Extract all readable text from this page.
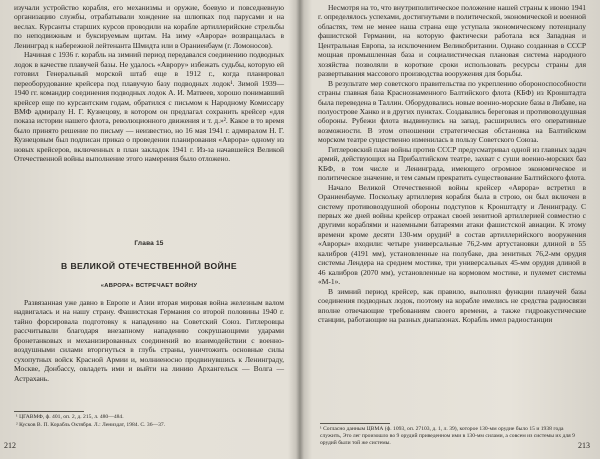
изучали устройство корабля, его механизмы и оружие, боевую и повседневную организацию службы, отрабатывали хождение на шлюпках под парусами и на веслах. Курсанты старших курсов проводили на корабле артиллерийские стрельбы по неподвижным и буксируемым щитам. На зиму «Аврора» возвращалась в Ленинград к набережной лейтенанта Шмидта или в Ораниенбаум (г. Ломоносов).

Начиная с 1936 г. корабль на зимний период передавался соединению подводных лодок в качестве плавучей базы. Не удалось «Аврору» избежать судьбы, которую ей готовил Генеральный морской штаб еще в 1912 г., когда планировал переоборудование крейсера под плавучую базу подводных лодок¹. Зимой 1939—1940 гг. командир соединения подводных лодок А. И. Матвеев, хорошо понимавший крейсер еще по курсантским годам, обратился с письмом к Народному Комиссару ВМФ адмиралу Н. Г. Кузнецову, в котором он предлагал сохранить крейсер «для показа истории нашего флота, революционного движения и т. д.»². Какое в то время было принято решение по письму — неизвестно, но 16 мая 1941 г. адмиралом Н. Г. Кузнецовым был подписан приказ о проведении планирования «Аврора» одному из новых крейсеров, включенных в план закладок 1941 г. Из-за начавшейся Великой Отечественной войны выполнение этого намерения было отложено.

Глава 15
В ВЕЛИКОЙ ОТЕЧЕСТВЕННОЙ ВОЙНЕ
«АВРОРА» ВСТРЕЧАЕТ ВОЙНУ

Развязанная уже давно в Европе и Азии вторая мировая война железным валом надвигалась и на нашу страну. Фашистская Германия со второй половины 1940 г. тайно форсировала подготовку к нападению на Советский Союз. Гитлеровцы рассчитывали благодаря внезапному нападению сокрушающими ударами бронетанковых и механизированных соединений во взаимодействии с военно-воздушными силами вторгнуться в глубь страны, уничтожить основные силы сухопутных войск Красной Армии и, молниеносно продвинувшись к Ленинграду, Москве, Донбассу, овладеть ими и выйти на линию Архангельск — Волга — Астрахань.

¹ ЦГАВМФ, ф. 401, оп. 2, д. 215, л. 480—484.
² Кусков В. П. Корабль Октября. Л.: Лениздат, 1984. С. 36—37.
212

Несмотря на то, что внутриполитическое положение нашей страны к июню 1941 г. определялось успехами, достигнутыми в политической, экономической и военной областях, тем не менее наша страна еще уступала экономическому потенциалу фашистской Германии, на которую фактически работала вся Западная и Центральная Европа, за исключением Великобритании. Однако созданная в СССР мощная промышленная база и социалистическая плановая система народного хозяйства позволяли в короткие сроки использовать ресурсы страны для развертывания массового производства вооружения для борьбы.

В результате мер советского правительства по укреплению обороноспособности страны главная база Краснознаменного Балтийского флота (КБФ) из Кронштадта была переведена в Таллин. Оборудовались новые военно-морские базы в Либаве, на полуострове Ханко и в других пунктах. Создавались береговая и противовоздушная обороны. Рубежи флота выдвинулись на запад, расширились его оперативные возможности. В этом отношении стратегическая обстановка на Балтийском морском театре существенно изменилась в пользу Советского Союза.

Гитлеровский план войны против СССР предусматривал одной из главных задач армий, действующих на Прибалтийском театре, захват с суши военно-морских баз КБФ, в том числе и Ленинграда, имеющего огромное экономическое и политическое значение, и тем самым прекратить существование Балтийского флота.

Начало Великой Отечественной войны крейсер «Аврора» встретил в Ораниенбауме. Поскольку артиллерия корабля была в строю, он был включен в систему противовоздушной обороны подступов к Кронштадту и Ленинграду. С первых же дней войны крейсер отражал своей зенитной артиллерией совместно с другими кораблями и наземными батареями атаки фашистской авиации. К этому времени кроме десяти 130-мм орудий¹ в состав артиллерийского вооружения «Авроры» входили: четыре универсальные 76,2-мм артустановки длиной в 55 калибров (4191 мм), установленные на полубаке, два зенитных 76,2-мм орудия системы Лендера на среднем мостике, три универсальных 45-мм орудия длиной в 46 калибров (2070 мм), установленные на кормовом мостике, и пулемет системы «М-1».

В зимний период крейсер, как правило, выполнял функции плавучей базы соединения подводных лодок, поэтому на корабле имелись не средства радиосвязи вполне отвечающие требованиям своего времени, а также гидроакустические станции, работающие на разных диапазонах. Корабль имел радиостанции

¹ Согласно данным ЦВМА (ф. 1093, оп. 27103, д. 1, л. 39), которое 130-мм орудие было 15 и 1938 года служить, Это лег произошло во 9 орудий приведенном ими в 130-мм силами, а совсем из системы их для 9 орудий были той же системы.	213
